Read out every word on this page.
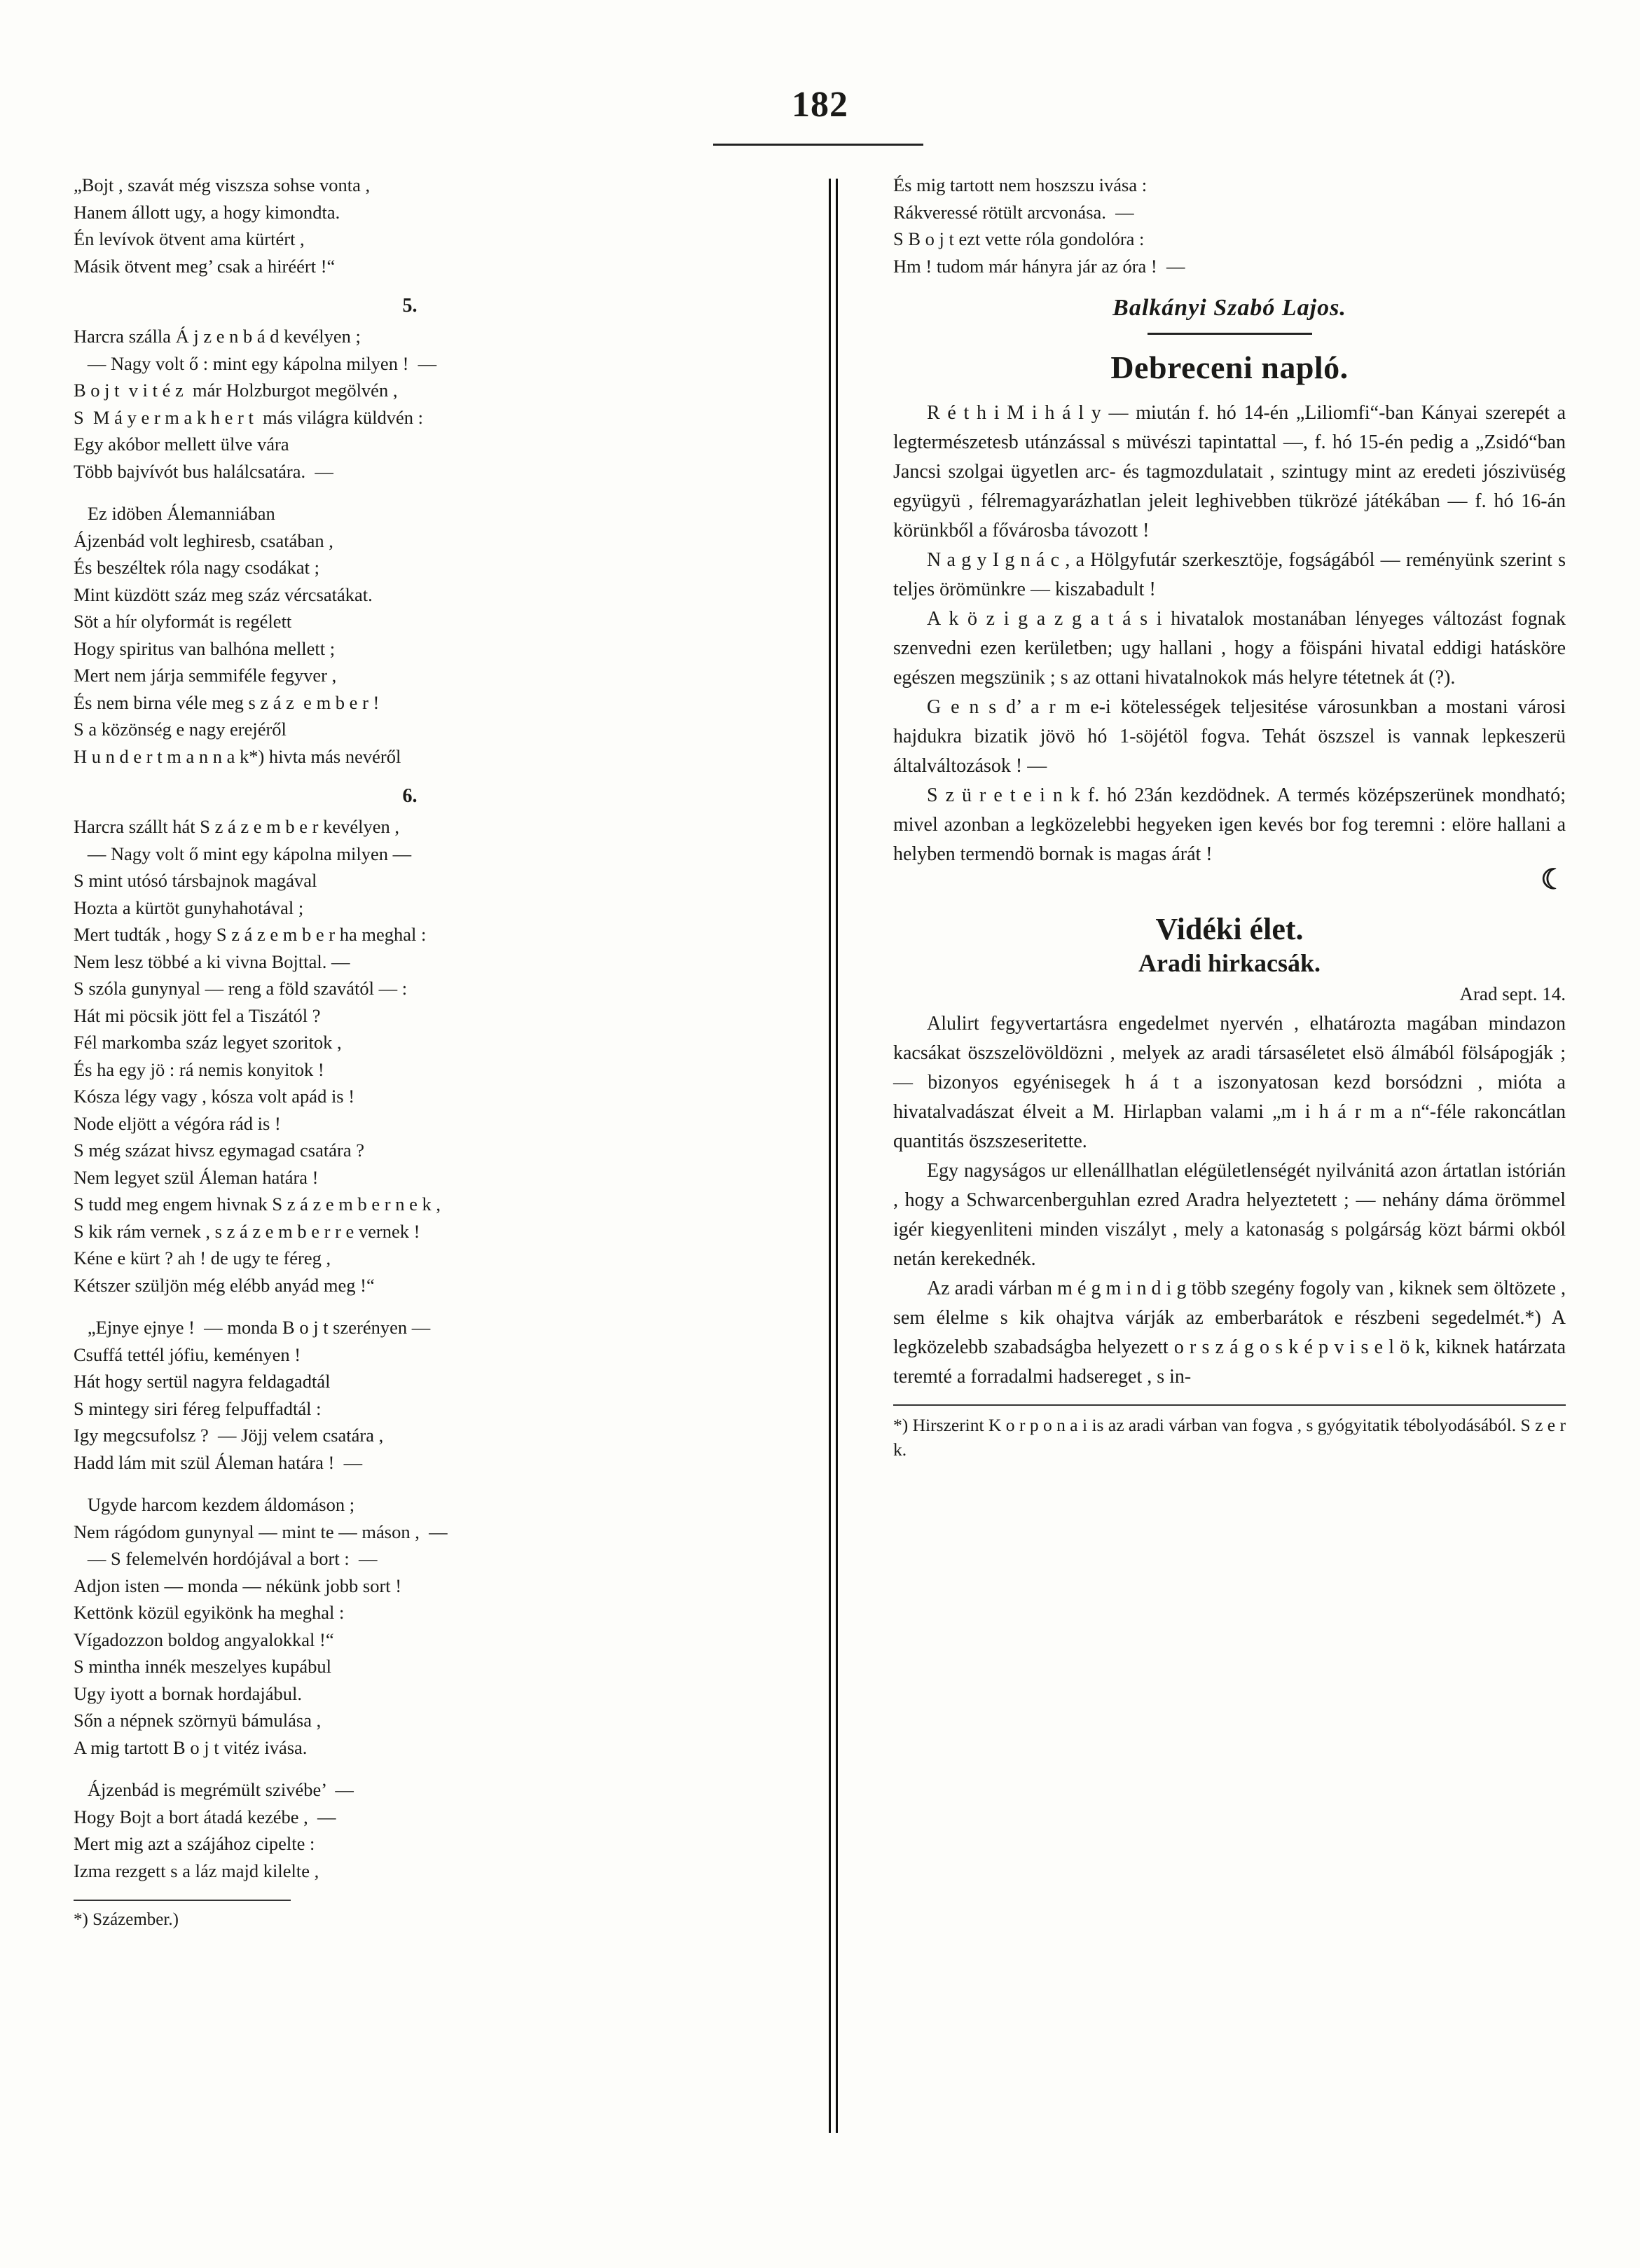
182

„Bojt , szavát még viszsza sohse vonta ,

Hanem állott ugy, a hogy kimondta.

Én levívok ötvent ama kürtért ,

Másik ötvent meg’ csak a hiréért !“

5.

Harcra szálla Á j z e n b á d kevélyen ;

— Nagy volt ő : mint egy kápolna milyen !  —

B o j t  v i t é z  már Holzburgot megölvén ,

S  M á y e r m a k h e r t  más világra küldvén :

Egy akóbor mellett ülve vára

Több bajvívót bus halálcsatára.  —

Ez idöben Álemanniában

Ájzenbád volt leghiresb, csatában ,

És beszéltek róla nagy csodákat ;

Mint küzdött száz meg száz vércsatákat.

Söt a hír olyformát is regélett

Hogy spiritus van balhóna mellett ;

Mert nem járja semmiféle fegyver ,

És nem birna véle meg s z á z  e m b e r !

S a közönség e nagy erejéről

H u n d e r t m a n n a k*) hivta más nevéről

6.

Harcra szállt hát S z á z e m b e r kevélyen ,

— Nagy volt ő mint egy kápolna milyen —

S mint utósó társbajnok magával

Hozta a kürtöt gunyhahotával ;

Mert tudták , hogy S z á z e m b e r ha meghal :

Nem lesz többé a ki vivna Bojttal. —

S szóla gunynyal — reng a föld szavától — :

Hát mi pöcsik jött fel a Tiszától ?

Fél markomba száz legyet szoritok ,

És ha egy jö : rá nemis konyitok !

Kósza légy vagy , kósza volt apád is !

Node eljött a végóra rád is !

S még százat hivsz egymagad csatára ?

Nem legyet szül Áleman határa !

S tudd meg engem hivnak S z á z e m b e r n e k ,

S kik rám vernek , s z á z e m b e r r e vernek !

Kéne e kürt ? ah ! de ugy te féreg ,

Kétszer szüljön még elébb anyád meg !“

„Ejnye ejnye !  — monda B o j t szerényen —

Csuffá tettél jófiu, keményen !

Hát hogy sertül nagyra feldagadtál

S mintegy siri féreg felpuffadtál :

Igy megcsufolsz ?  — Jöjj velem csatára ,

Hadd lám mit szül Áleman határa !  —

Ugyde harcom kezdem áldomáson ;

Nem rágódom gunynyal — mint te — máson ,  —

— S felemelvén hordójával a bort :  —

Adjon isten — monda — nékünk jobb sort !

Kettönk közül egyikönk ha meghal :

Vígadozzon boldog angyalokkal !“

S mintha innék meszelyes kupábul

Ugy iyott a bornak hordajábul.

Sőn a népnek szörnyü bámulása ,

A mig tartott B o j t vitéz ivása.

Ájzenbád is megrémült szivébe’  —

Hogy Bojt a bort átadá kezébe ,  —

Mert mig azt a szájához cipelte :

Izma rezgett s a láz majd kilelte ,

*) Százember.)

És mig tartott nem hoszszu ivása :

Rákveressé rötült arcvonása.  —

S B o j t ezt vette róla gondolóra :

Hm ! tudom már hányra jár az óra !  —

Balkányi Szabó Lajos.
Debreceni napló.

R é t h i M i h á l y — miután f. hó 14-én „Liliomfi“-ban Kányai szerepét a legtermészetesb utánzással s müvészi tapintattal —, f. hó 15-én pedig a „Zsidó“ban Jancsi szolgai ügyetlen arc- és tagmozdulatait , szintugy mint az eredeti jószivüség együgyü , félremagyarázhatlan jeleit leghivebben tükrözé játékában — f. hó 16-án körünkből a fővárosba távozott !

N a g y I g n á c , a Hölgyfutár szerkesztöje, fogságából — reményünk szerint s teljes örömünkre — kiszabadult !

A k ö z i g a z g a t á s i hivatalok mostanában lényeges változást fognak szenvedni ezen kerületben; ugy hallani , hogy a föispáni hivatal eddigi hatásköre egészen megszünik ; s az ottani hivatalnokok más helyre tétetnek át (?).

G e n s d’ a r m e-i kötelességek teljesitése városunkban a mostani városi hajdukra bizatik jövö hó 1-söjétöl fogva. Tehát öszszel is vannak lepkeszerü általváltozások ! —

S z ü r e t e i n k f. hó 23án kezdödnek. A termés középszerünek mondható; mivel azonban a legközelebbi hegyeken igen kevés bor fog teremni : elöre hallani a helyben termendö bornak is magas árát !

☾
Vidéki élet.
Aradi hirkacsák.
Arad sept. 14.

Alulirt fegyvertartásra engedelmet nyervén , elhatározta magában mindazon kacsákat öszszelövöldözni , melyek az aradi társaséletet elsö álmából fölsápogják ; — bizonyos egyénisegek h á t a iszonyatosan kezd borsódzni , mióta a hivatalvadászat élveit a M. Hirlapban valami „m i h á r m a n“-féle rakoncátlan quantitás öszszeseritette.

Egy nagyságos ur ellenállhatlan elégületlenségét nyilvánitá azon ártatlan istórián , hogy a Schwarcenberguhlan ezred Aradra helyeztetett ; — nehány dáma örömmel igér kiegyenliteni minden viszályt , mely a katonaság s polgárság közt bármi okból netán kerekednék.

Az aradi várban m é g m i n d i g több szegény fogoly van , kiknek sem öltözete , sem élelme s kik ohajtva várják az emberbarátok e részbeni segedelmét.*) A legközelebb szabadságba helyezett o r s z á g o s k é p v i s e l ö k, kiknek határzata teremté a forradalmi hadsereget , s in-

*) Hirszerint K o r p o n a i is az aradi várban van fogva , s gyógyitatik tébolyodásából. S z e r k.
